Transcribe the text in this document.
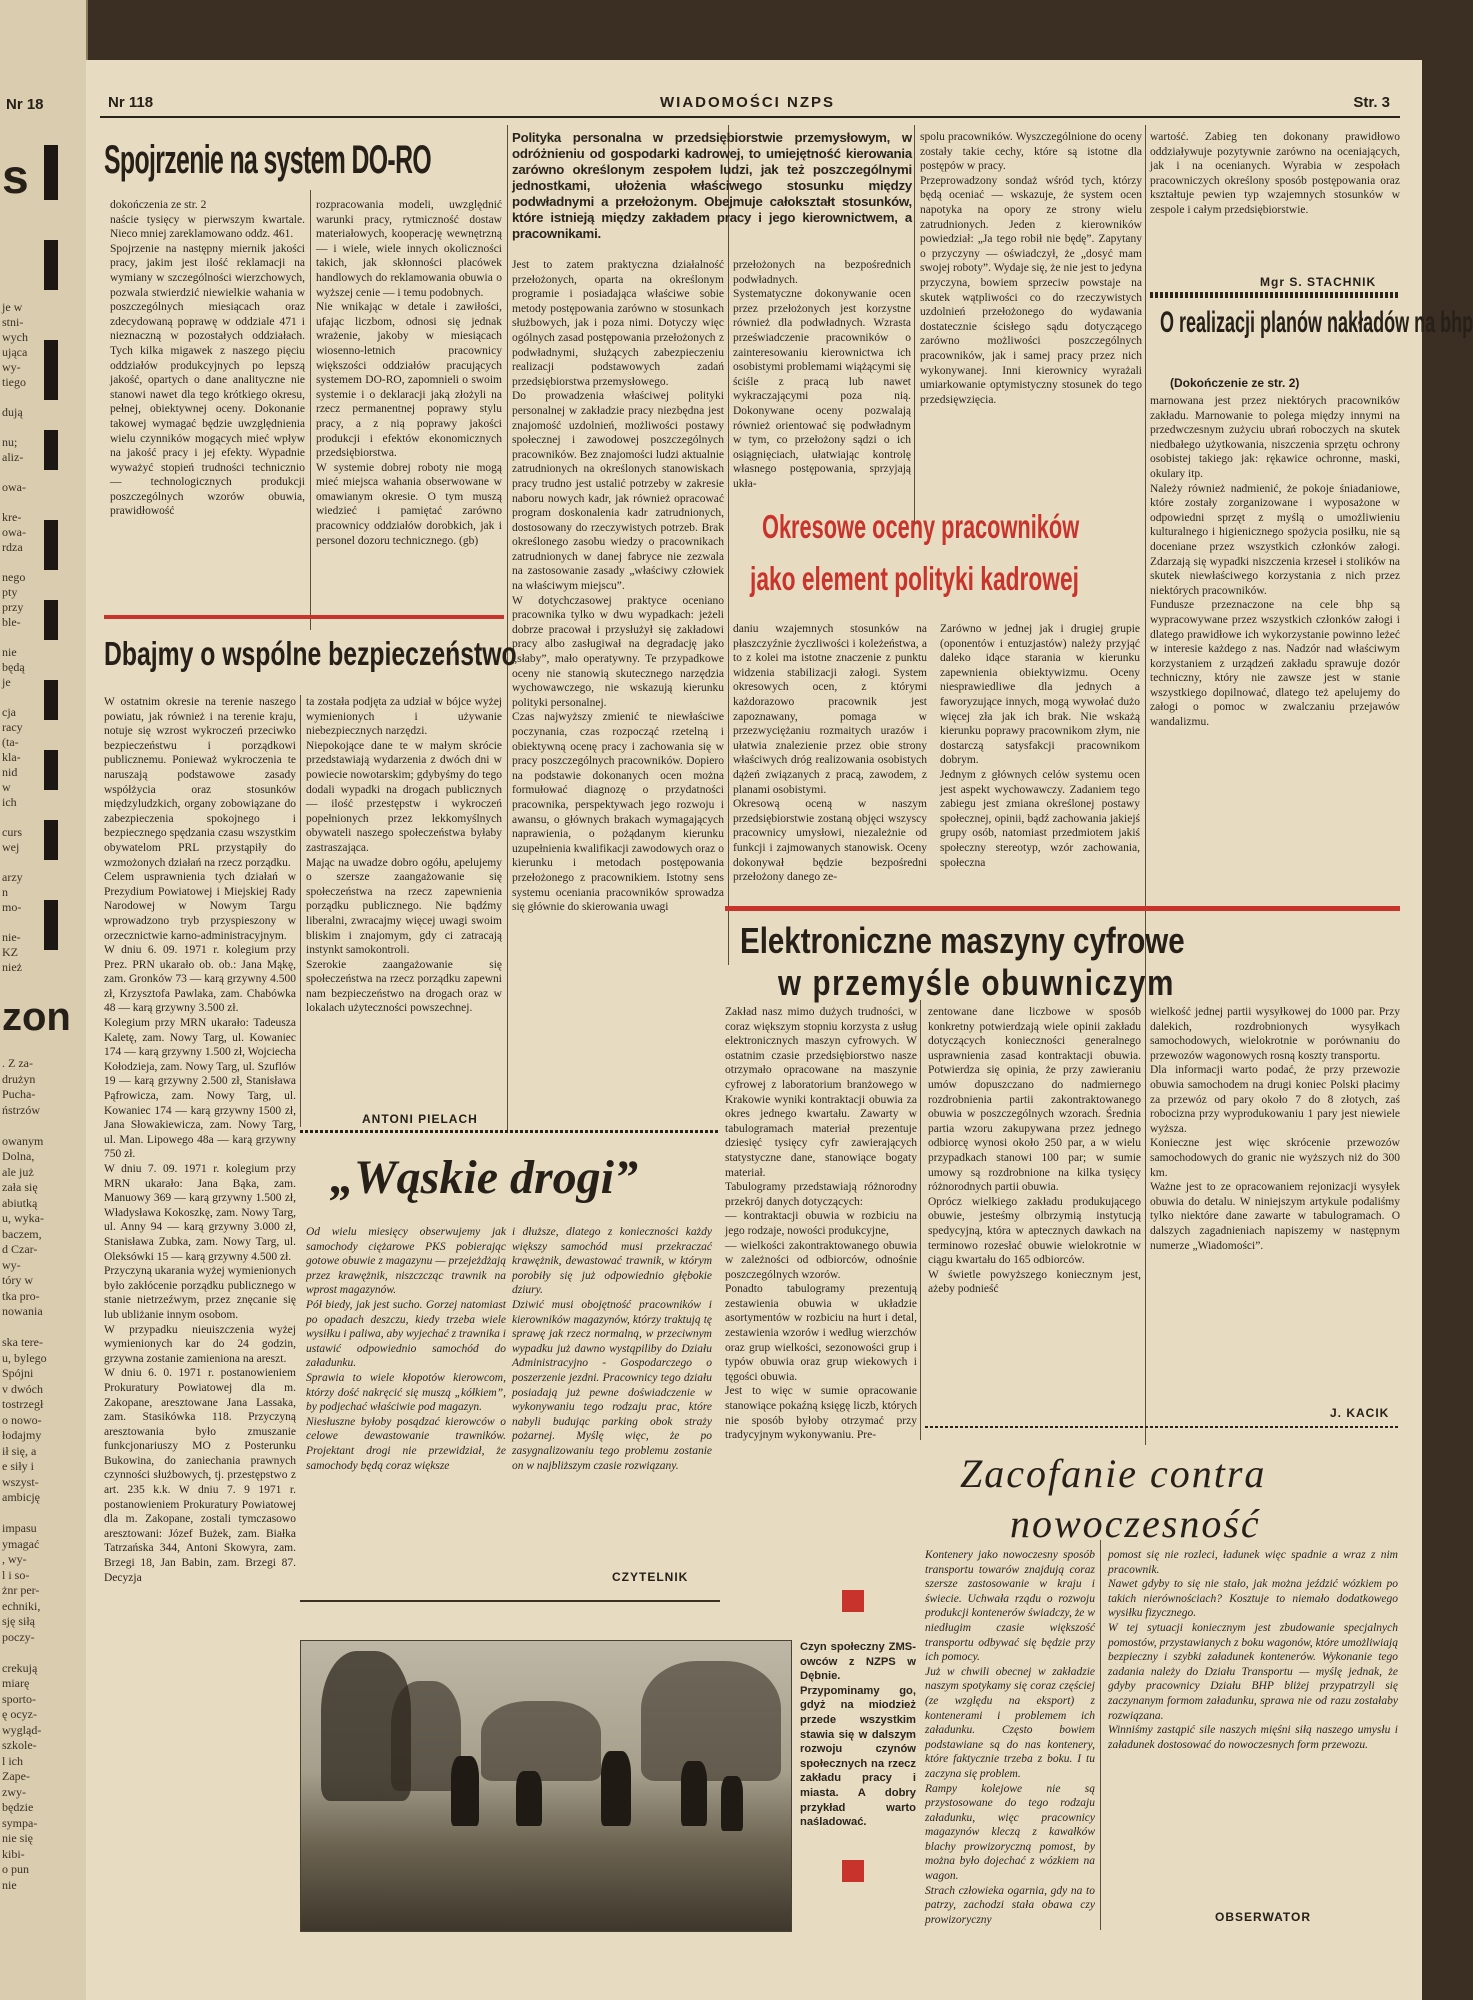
Nr 18
s
je w
stni-
wych
ująca
wy-
tiego

dują

nu;
aliz-

owa-

kre-
owa-
rdza

nego
pty
przy
ble-

nie
będą
je

cja
racy
(ta-
kla-
nid
w
ich

curs
wej

arzy
n
mo-

nie-
KZ
nież
zon
. Z za-
drużyn
Pucha-
ństrzów

owanym
Dolna,
ale już
zała się
abiutką
u, wyka-
baczem,
d Czar-
wy-
tóry w
tka pro-
nowania

ska tere-
u, bylego
Spójni
v dwóch
tostrzegł
o nowo-
łodajmy
ił się, a
e siły i
wszyst-
ambicję

impasu
ymagać
, wy-
l i so-
żnr per-
echniki,
sję siłą
poczy-

crekują
miarę
sporto-
ę ocyz-
wygląd-
szkole-
l ich
Zape-
zwy-
będzie
sympa-
nie się
kibi-
o pun
nie
Nr 118	WIADOMOŚCI NZPS	Str. 3
Spojrzenie na system DO-RO
dokończenia ze str. 2
naście tysięcy w pierwszym kwartale. Nieco mniej zareklamowano oddz. 461.
Spojrzenie na następny miernik jakości pracy, jakim jest ilość reklamacji na wymiany w szczególności wierzchowych, pozwala stwierdzić niewielkie wahania w poszczególnych miesiącach oraz zdecydowaną poprawę w oddziale 471 i nieznaczną w pozostałych oddziałach. Tych kilka migawek z naszego pięciu oddziałów produkcyjnych po lepszą jakość, opartych o dane analityczne nie stanowi nawet dla tego krótkiego okresu, pełnej, obiektywnej oceny. Dokonanie takowej wymagać będzie uwzględnienia wielu czynników mogących mieć wpływ na jakość pracy i jej efekty. Wypadnie wyważyć stopień trudności technicznio — technologicznych produkcji poszczególnych wzorów obuwia, prawidłowość
rozpracowania modeli, uwzględnić warunki pracy, rytmiczność dostaw materiałowych, kooperację wewnętrzną — i wiele, wiele innych okoliczności takich, jak skłonności placówek handlowych do reklamowania obuwia o wyższej cenie — i temu podobnych.
Nie wnikając w detale i zawiłości, ufając liczbom, odnosi się jednak wrażenie, jakoby w miesiącach wiosenno-letnich pracownicy większości oddziałów pracujących systemem DO-RO, zapomnieli o swoim systemie i o deklaracji jaką złożyli na rzecz permanentnej poprawy stylu pracy, a z nią poprawy jakości produkcji i efektów ekonomicznych przedsiębiorstwa.
W systemie dobrej roboty nie mogą mieć miejsca wahania obserwowane w omawianym okresie. O tym muszą wiedzieć i pamiętać zarówno pracownicy oddziałów dorobkich, jak i personel dozoru technicznego. (gb)
Dbajmy o wspólne bezpieczeństwo
W ostatnim okresie na terenie naszego powiatu, jak również i na terenie kraju, notuje się wzrost wykroczeń przeciwko bezpieczeństwu i porządkowi publicznemu. Ponieważ wykroczenia te naruszają podstawowe zasady współżycia oraz stosunków międzyludzkich, organy zobowiązane do zabezpieczenia spokojnego i bezpiecznego spędzania czasu wszystkim obywatelom PRL przystąpiły do wzmożonych działań na rzecz porządku.
Celem usprawnienia tych działań w Prezydium Powiatowej i Miejskiej Rady Narodowej w Nowym Targu wprowadzono tryb przyspieszony w orzecznictwie karno-administracyjnym.
W dniu 6. 09. 1971 r. kolegium przy Prez. PRN ukarało ob. ob.: Jana Mąkę, zam. Gronków 73 — karą grzywny 4.500 zł, Krzysztofa Pawlaka, zam. Chabówka 48 — karą grzywny 3.500 zł.
Kolegium przy MRN ukarało: Tadeusza Kaletę, zam. Nowy Targ, ul. Kowaniec 174 — karą grzywny 1.500 zł, Wojciecha Kołodzieja, zam. Nowy Targ, ul. Szuflów 19 — karą grzywny 2.500 zł, Stanisława Pąfrowicza, zam. Nowy Targ, ul. Kowaniec 174 — karą grzywny 1500 zł, Jana Słowakiewicza, zam. Nowy Targ, ul. Man. Lipowego 48a — karą grzywny 750 zł.
W dniu 7. 09. 1971 r. kolegium przy MRN ukarało: Jana Bąka, zam. Manuowy 369 — karą grzywny 1.500 zł, Władysława Kokoszkę, zam. Nowy Targ, ul. Anny 94 — karą grzywny 3.000 zł, Stanisława Zubka, zam. Nowy Targ, ul. Oleksówki 15 — karą grzywny 4.500 zł.
Przyczyną ukarania wyżej wymienionych było zakłócenie porządku publicznego w stanie nietrzeźwym, przez znęcanie się lub ubliżanie innym osobom.
W przypadku nieuiszczenia wyżej wymienionych kar do 24 godzin, grzywna zostanie zamieniona na areszt.
W dniu 6. 0. 1971 r. postanowieniem Prokuratury Powiatowej dla m. Zakopane, aresztowane Jana Lassaka, zam. Stasikówka 118. Przyczyną aresztowania było zmuszanie funkcjonariuszy MO z Posterunku Bukowina, do zaniechania prawnych czynności służbowych, tj. przestępstwo z art. 235 k.k. W dniu 7. 9 1971 r. postanowieniem Prokuratury Powiatowej dla m. Zakopane, zostali tymczasowo aresztowani: Józef Bużek, zam. Białka Tatrzańska 344, Antoni Skowyra, zam. Brzegi 18, Jan Babin, zam. Brzegi 87. Decyzja
ta została podjęta za udział w bójce wyżej wymienionych i używanie niebezpiecznych narzędzi.
Niepokojące dane te w małym skrócie przedstawiają wydarzenia z dwóch dni w powiecie nowotarskim; gdybyśmy do tego dodali wypadki na drogach publicznych — ilość przestępstw i wykroczeń popełnionych przez lekkomyślnych obywateli naszego społeczeństwa byłaby zastraszająca.
Mając na uwadze dobro ogółu, apelujemy o szersze zaangażowanie się społeczeństwa na rzecz zapewnienia porządku publicznego. Nie bądźmy liberalni, zwracajmy więcej uwagi swoim bliskim i znajomym, gdy ci zatracają instynkt samokontroli.
Szerokie zaangażowanie się społeczeństwa na rzecz porządku zapewni nam bezpieczeństwo na drogach oraz w lokalach użyteczności powszechnej.
ANTONI PIELACH
Polityka personalna w przedsiębiorstwie przemysłowym, w odróżnieniu od gospodarki kadrowej, to umiejętność kierowania zarówno określonym zespołem ludzi, jak też poszczególnymi jednostkami, ułożenia właściwego stosunku między podwładnymi a przełożonym. Obejmuje całokształt stosunków, które istnieją między zakładem pracy i jego kierownictwem, a pracownikami.
Jest to zatem praktyczna działalność przełożonych, oparta na określonym programie i posiadająca właściwe sobie metody postępowania zarówno w stosunkach służbowych, jak i poza nimi. Dotyczy więc ogólnych zasad postępowania przełożonych z podwładnymi, służących zabezpieczeniu realizacji podstawowych zadań przedsiębiorstwa przemysłowego.
Do prowadzenia właściwej polityki personalnej w zakładzie pracy niezbędna jest znajomość uzdolnień, możliwości postawy społecznej i zawodowej poszczególnych pracowników. Bez znajomości ludzi aktualnie zatrudnionych na określonych stanowiskach pracy trudno jest ustalić potrzeby w zakresie naboru nowych kadr, jak również opracować program doskonalenia kadr zatrudnionych, dostosowany do rzeczywistych potrzeb. Brak określonego zasobu wiedzy o pracownikach zatrudnionych w danej fabryce nie zezwala na zastosowanie zasady „właściwy człowiek na właściwym miejscu”.
W dotychczasowej praktyce oceniano pracownika tylko w dwu wypadkach: jeżeli dobrze pracował i przysłużył się zakładowi pracy albo zasługiwał na degradację jako „słaby”, mało operatywny. Te przypadkowe oceny nie stanowią skutecznego narzędzia wychowawczego, nie wskazują kierunku polityki personalnej.
Czas najwyższy zmienić te niewłaściwe poczynania, czas rozpocząć rzetelną i obiektywną ocenę pracy i zachowania się w pracy poszczególnych pracowników. Dopiero na podstawie dokonanych ocen można formułować diagnozę o przydatności pracownika, perspektywach jego rozwoju i awansu, o głównych brakach wymagających naprawienia, o pożądanym kierunku uzupełnienia kwalifikacji zawodowych oraz o kierunku i metodach postępowania przełożonego z pracownikiem. Istotny sens systemu oceniania pracowników sprowadza się głównie do skierowania uwagi
przełożonych na bezpośrednich podwładnych.
Systematyczne dokonywanie ocen przez przełożonych jest korzystne również dla podwładnych. Wzrasta przeświadczenie pracowników o zainteresowaniu kierownictwa ich osobistymi problemami wiążącymi się ściśle z pracą lub nawet wykraczającymi poza nią. Dokonywane oceny pozwalają również orientować się podwładnym w tym, co przełożony sądzi o ich osiągnięciach, ułatwiając kontrolę własnego postępowania, sprzyjają ukła-
spolu pracowników. Wyszczególnione do oceny zostały takie cechy, które są istotne dla postępów w pracy.
Przeprowadzony sondaż wśród tych, którzy będą oceniać — wskazuje, że system ocen napotyka na opory ze strony wielu zatrudnionych. Jeden z kierowników powiedział: „Ja tego robił nie będę”. Zapytany o przyczyny — oświadczył, że „dosyć mam swojej roboty”. Wydaje się, że nie jest to jedyna przyczyna, bowiem sprzeciw powstaje na skutek wątpliwości co do rzeczywistych uzdolnień przełożonego do wydawania dostatecznie ścisłego sądu dotyczącego zarówno możliwości poszczególnych pracowników, jak i samej pracy przez nich wykonywanej. Inni kierownicy wyrażali umiarkowanie optymistyczny stosunek do tego przedsięwzięcia.
wartość. Zabieg ten dokonany prawidłowo oddziaływuje pozytywnie zarówno na oceniających, jak i na ocenianych. Wyrabia w zespołach pracowniczych określony sposób postępowania oraz kształtuje pewien typ wzajemnych stosunków w zespole i całym przedsiębiorstwie.
Mgr S. STACHNIK
Okresowe oceny pracowników
jako element polityki kadrowej
daniu wzajemnych stosunków na płaszczyźnie życzliwości i koleżeństwa, a to z kolei ma istotne znaczenie z punktu widzenia stabilizacji załogi. System okresowych ocen, z którymi każdorazowo pracownik jest zapoznawany, pomaga w przezwyciężaniu rozmaitych urazów i ułatwia znalezienie przez obie strony właściwych dróg realizowania osobistych dążeń związanych z pracą, zawodem, z planami osobistymi.
Okresową oceną w naszym przedsiębiorstwie zostaną objęci wszyscy pracownicy umysłowi, niezależnie od funkcji i zajmowanych stanowisk. Oceny dokonywał będzie bezpośredni przełożony danego ze-
Zarówno w jednej jak i drugiej grupie (oponentów i entuzjastów) należy przyjąć daleko idące starania w kierunku zapewnienia obiektywizmu. Oceny niesprawiedliwe dla jednych a faworyzujące innych, mogą wywołać dużo więcej zła jak ich brak. Nie wskażą kierunku poprawy pracownikom złym, nie dostarczą satysfakcji pracownikom dobrym.
Jednym z głównych celów systemu ocen jest aspekt wychowawczy. Zadaniem tego zabiegu jest zmiana określonej postawy społecznej, opinii, bądź zachowania jakiejś grupy osób, natomiast przedmiotem jakiś społeczny stereotyp, wzór zachowania, społeczna
O realizacji planów nakładów na bhp
(Dokończenie ze str. 2)
marnowana jest przez niektórych pracowników zakładu. Marnowanie to polega między innymi na przedwczesnym zużyciu ubrań roboczych na skutek niedbałego użytkowania, niszczenia sprzętu ochrony osobistej takiego jak: rękawice ochronne, maski, okulary itp.
Należy również nadmienić, że pokoje śniadaniowe, które zostały zorganizowane i wyposażone w odpowiedni sprzęt z myślą o umożliwieniu kulturalnego i higienicznego spożycia posiłku, nie są doceniane przez wszystkich członków załogi. Zdarzają się wypadki niszczenia krzeseł i stolików na skutek niewłaściwego korzystania z nich przez niektórych pracowników.
Fundusze przeznaczone na cele bhp są wypracowywane przez wszystkich członków załogi i dlatego prawidłowe ich wykorzystanie powinno leżeć w interesie każdego z nas. Nadzór nad właściwym korzystaniem z urządzeń zakładu sprawuje dozór techniczny, który nie zawsze jest w stanie wszystkiego dopilnować, dlatego też apelujemy do załogi o pomoc w zwalczaniu przejawów wandalizmu.
Elektroniczne maszyny cyfrowe
w przemyśle obuwniczym
Zakład nasz mimo dużych trudności, w coraz większym stopniu korzysta z usług elektronicznych maszyn cyfrowych. W ostatnim czasie przedsiębiorstwo nasze otrzymało opracowane na maszynie cyfrowej z laboratorium branżowego w Krakowie wyniki kontraktacji obuwia za okres jednego kwartału. Zawarty w tabulogramach materiał prezentuje dziesięć tysięcy cyfr zawierających statystyczne dane, stanowiące bogaty materiał.
Tabulogramy przedstawiają różnorodny przekrój danych dotyczących:
— kontraktacji obuwia w rozbiciu na jego rodzaje, nowości produkcyjne,
— wielkości zakontraktowanego obuwia w zależności od odbiorców, odnośnie poszczególnych wzorów.
Ponadto tabulogramy prezentują zestawienia obuwia w układzie asortymentów w rozbiciu na hurt i detal, zestawienia wzorów i według wierzchów oraz grup wielkości, sezonowości grup i typów obuwia oraz grup wiekowych i tęgości obuwia.
Jest to więc w sumie opracowanie stanowiące pokaźną księgę liczb, których nie sposób byłoby otrzymać przy tradycyjnym wykonywaniu. Pre-
zentowane dane liczbowe w sposób konkretny potwierdzają wiele opinii zakładu dotyczących konieczności generalnego usprawnienia zasad kontraktacji obuwia. Potwierdza się opinia, że przy zawieraniu umów dopuszczano do nadmiernego rozdrobnienia partii zakontraktowanego obuwia w poszczególnych wzorach. Średnia partia wzoru zakupywana przez jednego odbiorcę wynosi około 250 par, a w wielu przypadkach stanowi 100 par; w sumie umowy są rozdrobnione na kilka tysięcy różnorodnych partii obuwia.
Oprócz wielkiego zakładu produkującego obuwie, jesteśmy olbrzymią instytucją spedycyjną, która w aptecznych dawkach na terminowo rozesłać obuwie wielokrotnie w ciągu kwartału do 165 odbiorców.
W świetle powyższego koniecznym jest, ażeby podnieść
wielkość jednej partii wysyłkowej do 1000 par. Przy dalekich, rozdrobnionych wysyłkach samochodowych, wielokrotnie w porównaniu do przewozów wagonowych rosną koszty transportu.
Dla informacji warto podać, że przy przewozie obuwia samochodem na drugi koniec Polski płacimy za przewóz od pary około 7 do 8 złotych, zaś robocizna przy wyprodukowaniu 1 pary jest niewiele wyższa.
Konieczne jest więc skrócenie przewozów samochodowych do granic nie wyższych niż do 300 km.
Ważne jest to ze opracowaniem rejonizacji wysyłek obuwia do detalu. W niniejszym artykule podaliśmy tylko niektóre dane zawarte w tabulogramach. O dalszych zagadnieniach napiszemy w następnym numerze „Wiadomości”.
J. KACIK
„Wąskie drogi”
Od wielu miesięcy obserwujemy jak samochody ciężarowe PKS pobierając gotowe obuwie z magazynu — przejeżdżają przez krawężnik, niszczcząc trawnik na wprost magazynów.
Pół biedy, jak jest sucho. Gorzej natomiast po opadach deszczu, kiedy trzeba wiele wysiłku i paliwa, aby wyjechać z trawnika i ustawić odpowiednio samochód do załadunku.
Sprawia to wiele kłopotów kierowcom, którzy dość nakręcić się muszą „kółkiem”, by podjechać właściwie pod magazyn.
Niesłuszne byłoby posądzać kierowców o celowe dewastowanie trawników. Projektant drogi nie przewidział, że samochody będą coraz większe
i dłuższe, dlatego z konieczności każdy większy samochód musi przekraczać krawężnik, dewastować trawnik, w którym porobiły się już odpowiednio głębokie dziury.
Dziwić musi obojętność pracowników i kierowników magazynów, którzy traktują tę sprawę jak rzecz normalną, w przeciwnym wypadku już dawno wystąpiliby do Działu Administracyjno - Gospodarczego o poszerzenie jezdni. Pracownicy tego działu posiadają już pewne doświadczenie w wykonywaniu tego rodzaju prac, które nabyli budując parking obok straży pożarnej. Myślę więc, że po zasygnalizowaniu tego problemu zostanie on w najbliższym czasie rozwiązany.
CZYTELNIK
Czyn społeczny ZMS-owców z NZPS w Dębnie. Przypominamy go, gdyż na miodzież przede wszystkim stawia się w dalszym rozwoju czynów społecznych na rzecz zakładu pracy i miasta. A dobry przykład warto naśladować.
Zacofanie contra
nowoczesność
Kontenery jako nowoczesny sposób transportu towarów znajdują coraz szersze zastosowanie w kraju i świecie. Uchwała rządu o rozwoju produkcji kontenerów świadczy, że w niedługim czasie większość transportu odbywać się będzie przy ich pomocy.
Już w chwili obecnej w zakładzie naszym spotykamy się coraz częściej (ze względu na eksport) z kontenerami i problemem ich załadunku. Często bowiem podstawiane są do nas kontenery, które faktycznie trzeba z boku. I tu zaczyna się problem.
Rampy kolejowe nie są przystosowane do tego rodzaju załadunku, więc pracownicy magazynów kleczą z kawałków blachy prowizoryczną pomost, by można było dojechać z wózkiem na wagon.
Strach człowieka ogarnia, gdy na to patrzy, zachodzi stała obawa czy prowizoryczny
pomost się nie rozleci, ładunek więc spadnie a wraz z nim pracownik.
Nawet gdyby to się nie stało, jak można jeździć wózkiem po takich nierównościach? Kosztuje to niemało dodatkowego wysiłku fizycznego.
W tej sytuacji koniecznym jest zbudowanie specjalnych pomostów, przystawianych z boku wagonów, które umożliwiają bezpieczny i szybki załadunek kontenerów. Wykonanie tego zadania należy do Działu Transportu — myślę jednak, że gdyby pracownicy Działu BHP bliżej przypatrzyli się zaczynanym formom załadunku, sprawa nie od razu zostałaby rozwiązana.
Winniśmy zastąpić sile naszych mięśni siłą naszego umysłu i załadunek dostosować do nowoczesnych form przewozu.
OBSERWATOR
